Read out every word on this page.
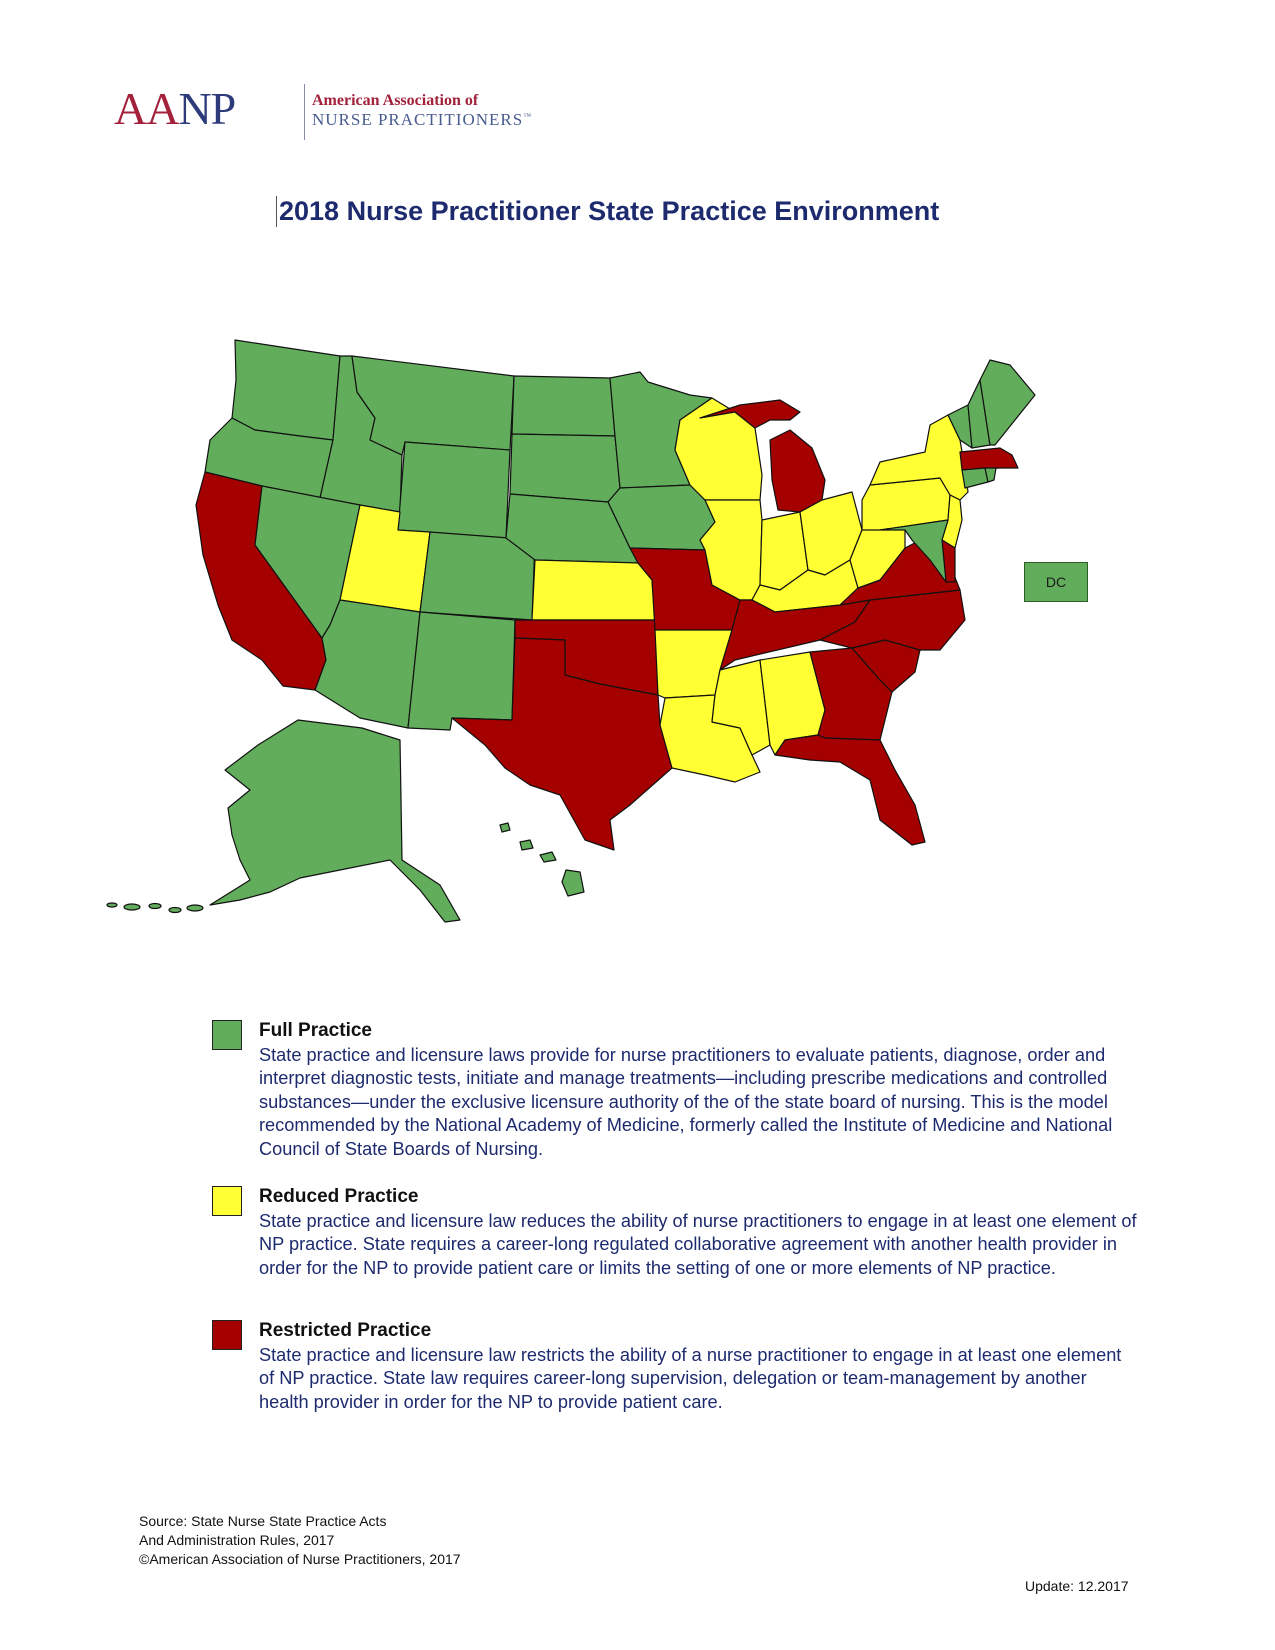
AANP	American Association of
NURSE PRACTITIONERS™
2018 Nurse Practitioner State Practice Environment
DC
Full Practice
State practice and licensure laws provide for nurse practitioners to evaluate patients, diagnose, order and interpret diagnostic tests, initiate and manage treatments—including prescribe medications and controlled substances—under the exclusive licensure authority of the of the state board of nursing. This is the model recommended by the National Academy of Medicine, formerly called the Institute of Medicine and National Council of State Boards of Nursing.
Reduced Practice
State practice and licensure law reduces the ability of nurse practitioners to engage in at least one element of NP practice. State requires a career-long regulated collaborative agreement with another health provider in order for the NP to provide patient care or limits the setting of one or more elements of NP practice.
Restricted Practice
State practice and licensure law restricts the ability of a nurse practitioner to engage in at least one element of NP practice. State law requires career-long supervision, delegation or team-management by another health provider in order for the NP to provide patient care.
Source: State Nurse State Practice Acts
And Administration Rules, 2017
©American Association of Nurse Practitioners, 2017
Update: 12.2017
